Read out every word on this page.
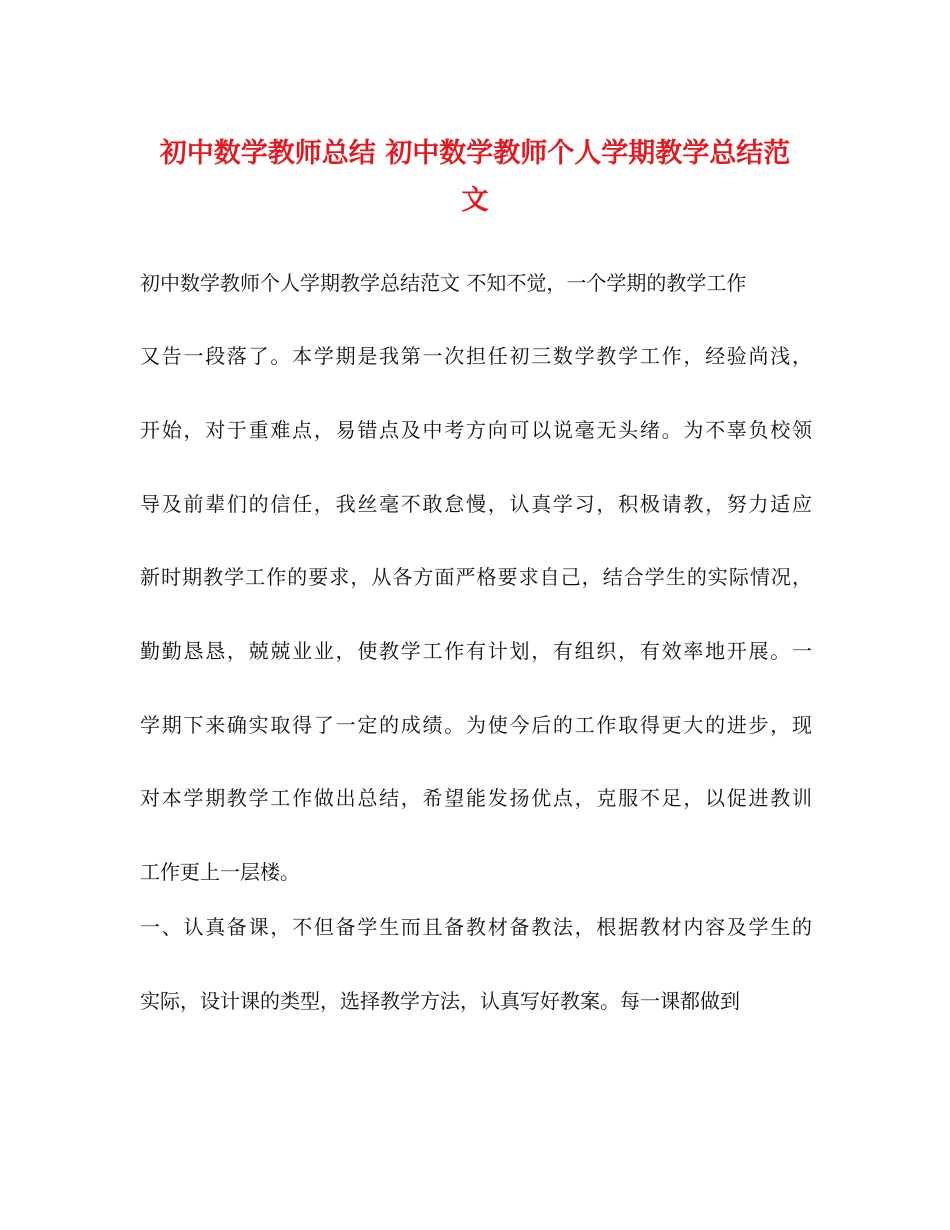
初中数学教师总结 初中数学教师个人学期教学总结范
文

初中数学教师个人学期教学总结范文 不知不觉，一个学期的教学工作

又告一段落了。本学期是我第一次担任初三数学教学工作，经验尚浅，

开始，对于重难点，易错点及中考方向可以说毫无头绪。为不辜负校领

导及前辈们的信任，我丝毫不敢怠慢，认真学习，积极请教，努力适应

新时期教学工作的要求，从各方面严格要求自己，结合学生的实际情况，

勤勤恳恳，兢兢业业，使教学工作有计划，有组织，有效率地开展。一

学期下来确实取得了一定的成绩。为使今后的工作取得更大的进步，现

对本学期教学工作做出总结，希望能发扬优点，克服不足，以促进教训

工作更上一层楼。

一、认真备课，不但备学生而且备教材备教法，根据教材内容及学生的

实际，设计课的类型，选择教学方法，认真写好教案。每一课都做到
